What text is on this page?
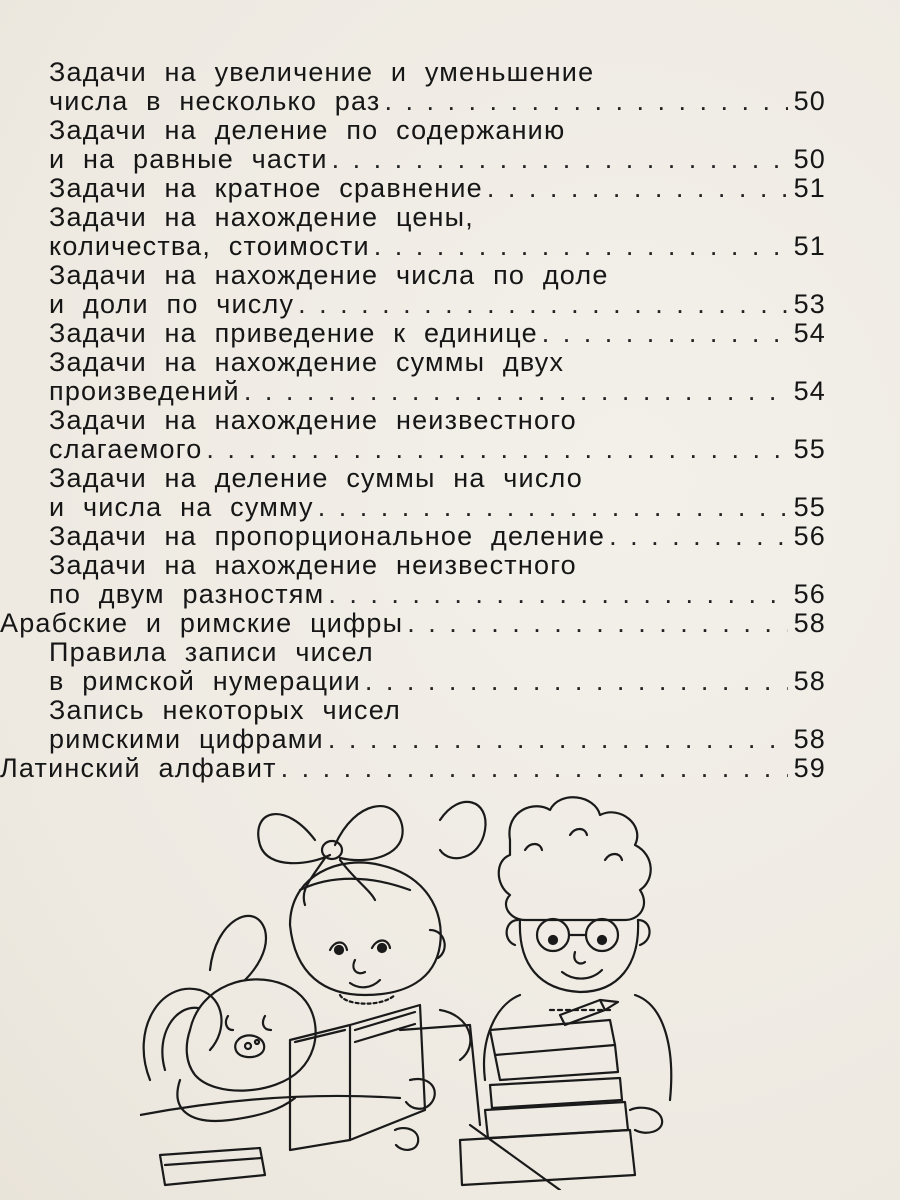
Задачи на увеличение и уменьшение
числа в несколько раз . . .	50
Задачи на деление по содержанию
и на равные части . . .	50
Задачи на кратное сравнение . . .	51
Задачи на нахождение цены,
количества, стоимости . . .	51
Задачи на нахождение числа по доле
и доли по числу . . .	53
Задачи на приведение к единице . . .	54
Задачи на нахождение суммы двух
произведений . . .	54
Задачи на нахождение неизвестного
слагаемого . . .	55
Задачи на деление суммы на число
и числа на сумму . . .	55
Задачи на пропорциональное деление . . .	56
Задачи на нахождение неизвестного
по двум разностям . . .	56
Арабские и римские цифры . . .	58
Правила записи чисел
в римской нумерации . . .	58
Запись некоторых чисел
римскими цифрами . . .	58
Латинский алфавит . . .	59
